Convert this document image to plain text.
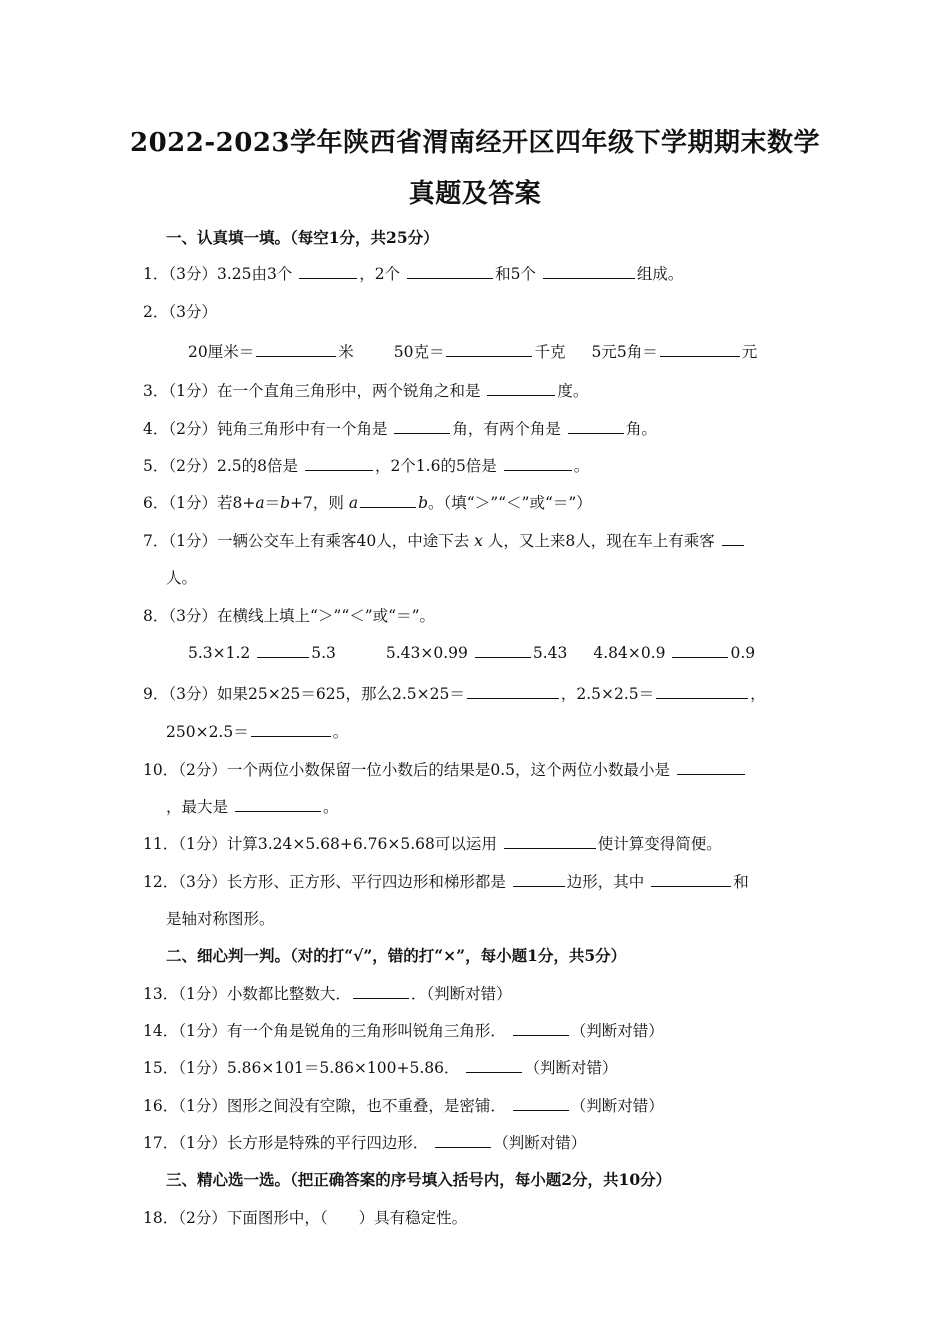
2022-2023学年陕西省渭南经开区四年级下学期期末数学
真题及答案
一、认真填一填。（每空1分，共25分）
1．（3分）3.25由3个	，2个	和5个	组成。
2．（3分）
20厘米＝	米	50克＝	千克 5元5角＝	元
3．（1分）在一个直角三角形中，两个锐角之和是	度。
4．（2分）钝角三角形中有一个角是	角，有两个角是	角。
5．（2分）2.5的8倍是	，2个1.6的5倍是	。
6．（1分）若8+a＝b+7，则 a	b。（填“＞”“＜”或“＝”）
7．（1分）一辆公交车上有乘客40人，中途下去 x 人，又上来8人，现在车上有乘客
人。
8．（3分）在横线上填上“＞”“＜”或“＝”。
5.3×1.2	5.3	5.43×0.99	5.43 4.84×0.9	0.9
9．（3分）如果25×25＝625，那么2.5×25＝	，2.5×2.5＝	，
250×2.5＝	。
10．（2分）一个两位小数保留一位小数后的结果是0.5，这个两位小数最小是
，最大是	。
11．（1分）计算3.24×5.68+6.76×5.68可以运用	使计算变得简便。
12．（3分）长方形、正方形、平行四边形和梯形都是	边形，其中	和
是轴对称图形。
二、细心判一判。（对的打“√”，错的打“×”，每小题1分，共5分）
13．（1分）小数都比整数大．	．（判断对错）
14．（1分）有一个角是锐角的三角形叫锐角三角形．	（判断对错）
15．（1分）5.86×101＝5.86×100+5.86．	（判断对错）
16．（1分）图形之间没有空隙，也不重叠，是密铺．	（判断对错）
17．（1分）长方形是特殊的平行四边形．	（判断对错）
三、精心选一选。（把正确答案的序号填入括号内，每小题2分，共10分）
18．（2分）下面图形中，（　　）具有稳定性。
